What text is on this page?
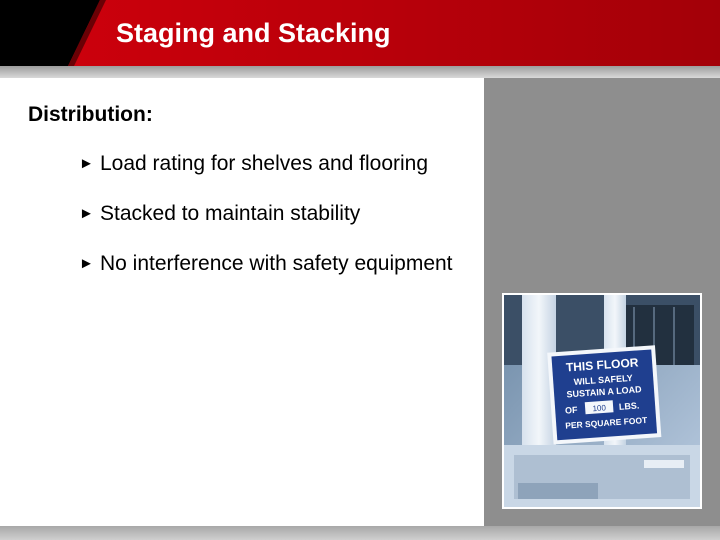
Staging and Stacking
Distribution:
► Load rating for shelves and flooring
► Stacked to maintain stability
► No interference with safety equipment
THIS FLOOR
WILL SAFELY
SUSTAIN A LOAD
OF 100 LBS.
PER SQUARE FOOT
